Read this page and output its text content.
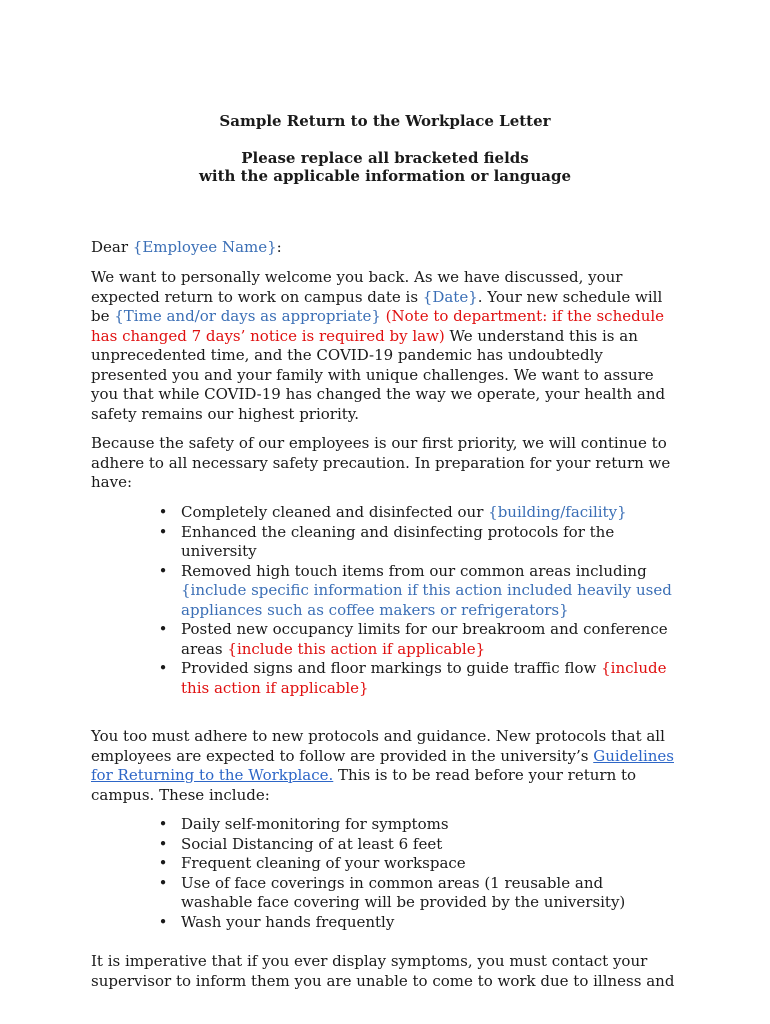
Sample Return to the Workplace Letter
Please replace all bracketed fields
with the applicable information or language
Dear {Employee Name}:
We want to personally welcome you back. As we have discussed, your
expected return to work on campus date is {Date}. Your new schedule will
be {Time and/or days as appropriate} (Note to department: if the schedule
has changed 7 days’ notice is required by law) We understand this is an
unprecedented time, and the COVID-19 pandemic has undoubtedly
presented you and your family with unique challenges. We want to assure
you that while COVID-19 has changed the way we operate, your health and
safety remains our highest priority.
Because the safety of our employees is our first priority, we will continue to
adhere to all necessary safety precaution. In preparation for your return we
have:
• Completely cleaned and disinfected our {building/facility}
• Enhanced the cleaning and disinfecting protocols for the
university
• Removed high touch items from our common areas including
{include specific information if this action included heavily used
appliances such as coffee makers or refrigerators}
• Posted new occupancy limits for our breakroom and conference
areas {include this action if applicable}
• Provided signs and floor markings to guide traffic flow {include
this action if applicable}
You too must adhere to new protocols and guidance. New protocols that all
employees are expected to follow are provided in the university’s Guidelines
for Returning to the Workplace. This is to be read before your return to
campus. These include:
• Daily self-monitoring for symptoms
• Social Distancing of at least 6 feet
• Frequent cleaning of your workspace
• Use of face coverings in common areas (1 reusable and
washable face covering will be provided by the university)
• Wash your hands frequently
It is imperative that if you ever display symptoms, you must contact your
supervisor to inform them you are unable to come to work due to illness and
